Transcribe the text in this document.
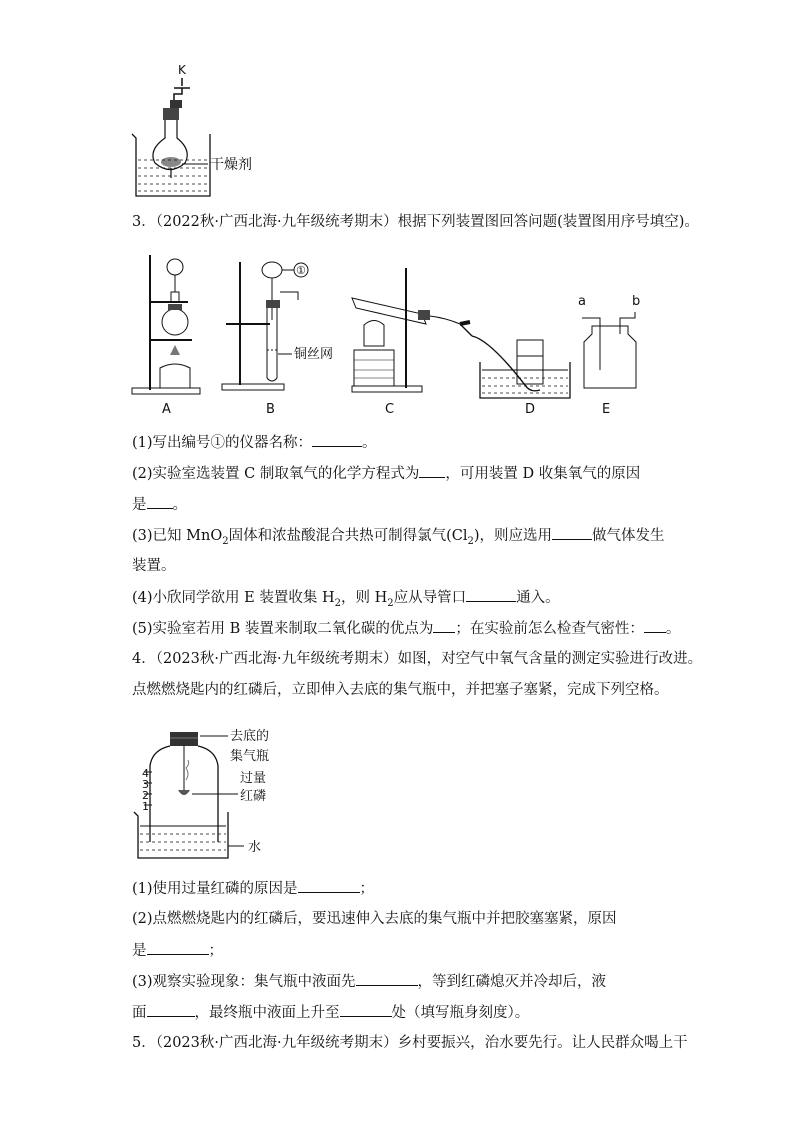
K
干燥剂
3．（2022秋·广西北海·九年级统考期末）根据下列装置图回答问题(装置图用序号填空)。
A
①
铜丝网
B	C	D
a	b
E
(1)写出编号①的仪器名称：	。
(2)实验室选装置 C 制取氧气的化学方程式为 ，可用装置 D 收集氧气的原因
是 。
(3)已知 MnO$_2$固体和浓盐酸混合共热可制得氯气$(Cl_2)$，则应选用	做气体发生
装置。
(4)小欣同学欲用 E 装置收集 $H_2$，则 $H_2$应从导管口	通入。
(5)实验室若用 B 装置来制取二氧化碳的优点为 ；在实验前怎么检查气密性： 。
4．（2023秋·广西北海·九年级统考期末）如图，对空气中氧气含量的测定实验进行改进。
点燃燃烧匙内的红磷后，立即伸入去底的集气瓶中，并把塞子塞紧，完成下列空格。
4
3
2
1
去底的
集气瓶
过量
红磷
水
(1)使用过量红磷的原因是	；
(2)点燃燃烧匙内的红磷后，要迅速伸入去底的集气瓶中并把胶塞塞紧，原因
是	；
(3)观察实验现象：集气瓶中液面先	，等到红磷熄灭并冷却后，液
面	，最终瓶中液面上升至	处（填写瓶身刻度）。
5．（2023秋·广西北海·九年级统考期末）乡村要振兴，治水要先行。让人民群众喝上干
